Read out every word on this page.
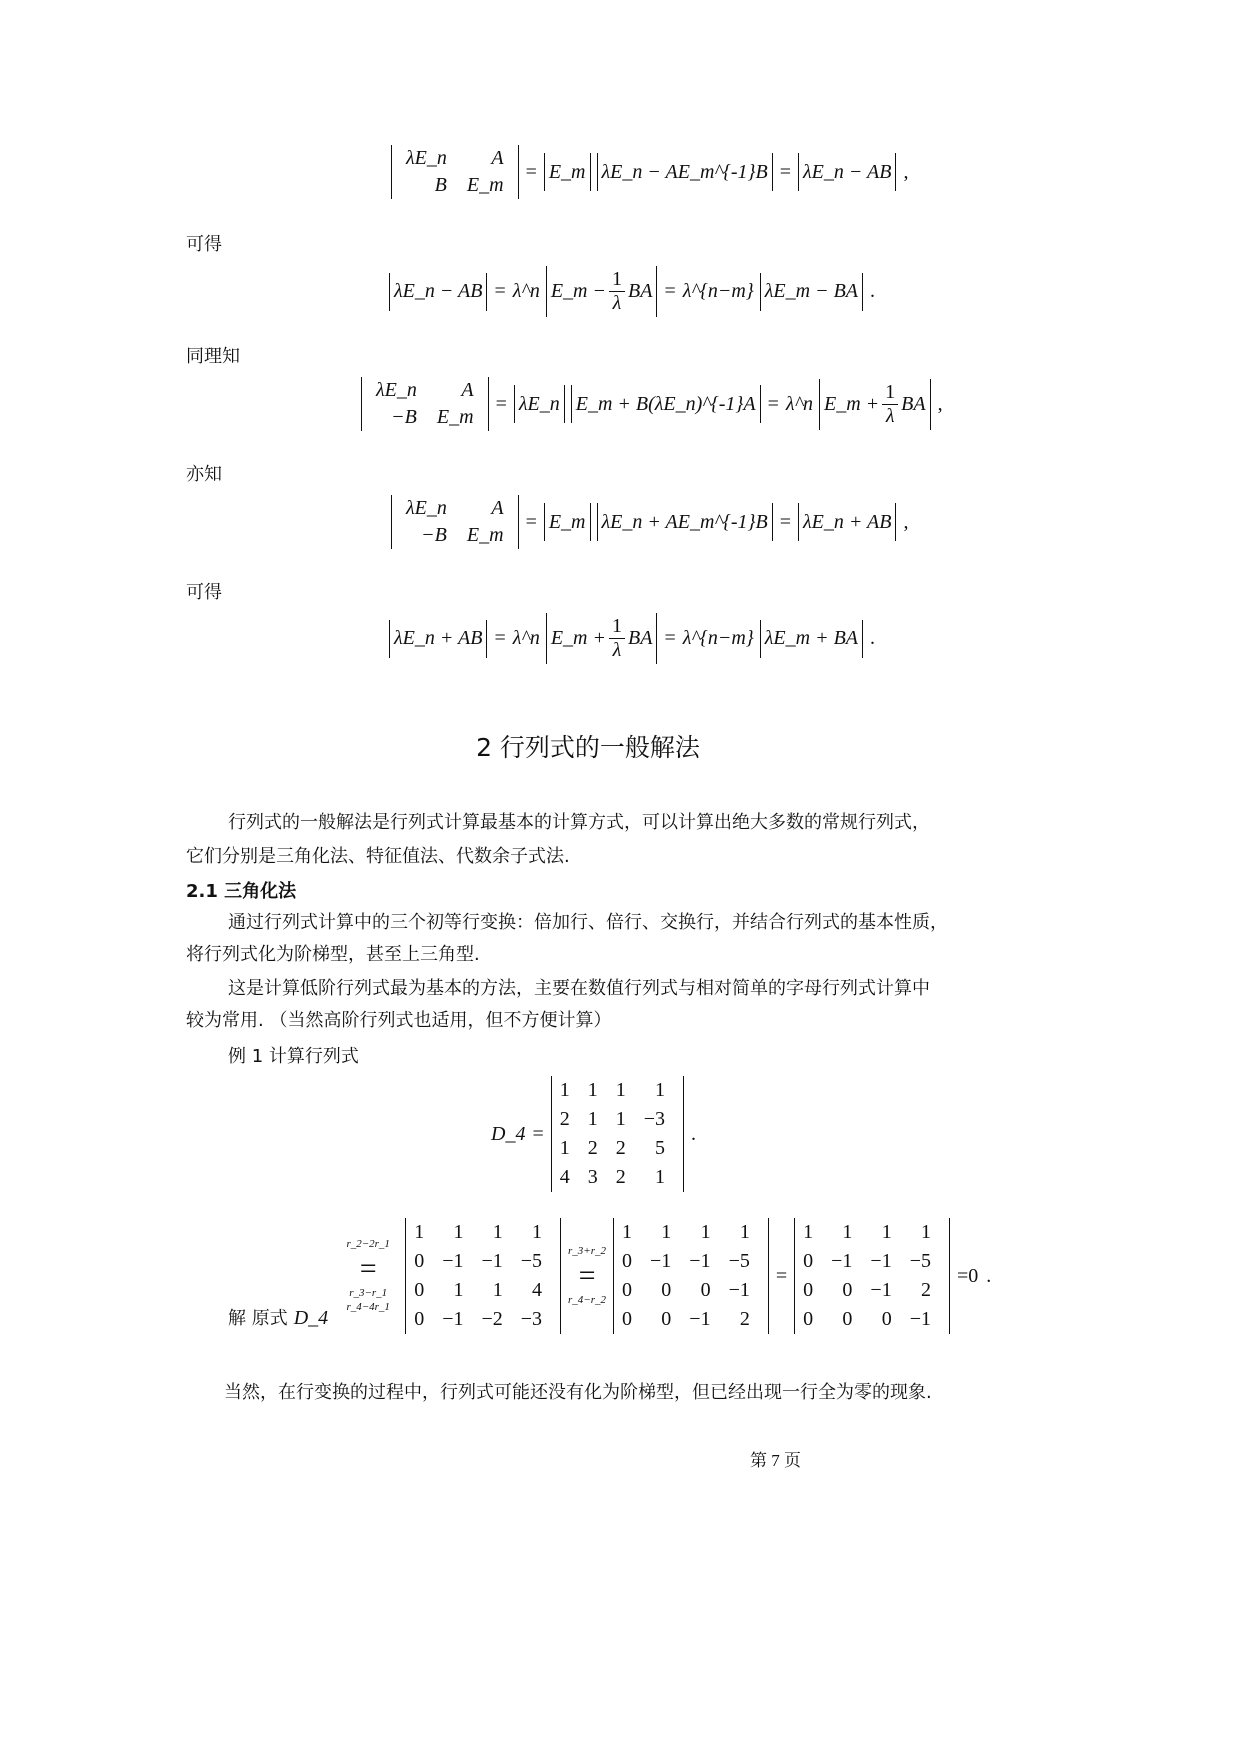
λE_n	A
B	E_m
= E_m λE_n − AE_m^{-1}B = λE_n − AB ,
可得
λE_n − AB = λ^n E_m − $\frac{1}{\lambda}$ BA = λ^{n−m} λE_m − BA .
同理知
λE_n	A
−B	E_m
= λE_n E_m + B(λE_n)^{-1}A = λ^n E_m + $\frac{1}{\lambda}$ BA ,
亦知
λE_n	A
−B	E_m
= E_m λE_n + AE_m^{-1}B = λE_n + AB ,
可得
λE_n + AB = λ^n E_m + $\frac{1}{\lambda}$ BA = λ^{n−m} λE_m + BA .
2 行列式的一般解法
行列式的一般解法是行列式计算最基本的计算方式，可以计算出绝大多数的常规行列式，
它们分别是三角化法、特征值法、代数余子式法.
2.1 三角化法
通过行列式计算中的三个初等行变换：倍加行、倍行、交换行，并结合行列式的基本性质，
将行列式化为阶梯型，甚至上三角型.
这是计算低阶行列式最为基本的方法，主要在数值行列式与相对简单的字母行列式计算中
较为常用. （当然高阶行列式也适用，但不方便计算）
例 1 计算行列式
D_4 =
1	1	1	1
2	1	1	−3
1	2	2	5
4	3	2	1
.
解 原式 D_4
r_2−2r_1
=
r_3−r_1 r_4−4r_1
1	1	1	1
0	−1	−1	−5
0	1	1	4
0	−1	−2	−3
r_3+r_2
=
r_4−r_2
1	1	1	1
0	−1	−1	−5
0	0	0	−1
0	0	−1	2
=
1	1	1	1
0	−1	−1	−5
0	0	−1	2
0	0	0	−1
=0 .
当然，在行变换的过程中，行列式可能还没有化为阶梯型，但已经出现一行全为零的现象.
第 7 页
